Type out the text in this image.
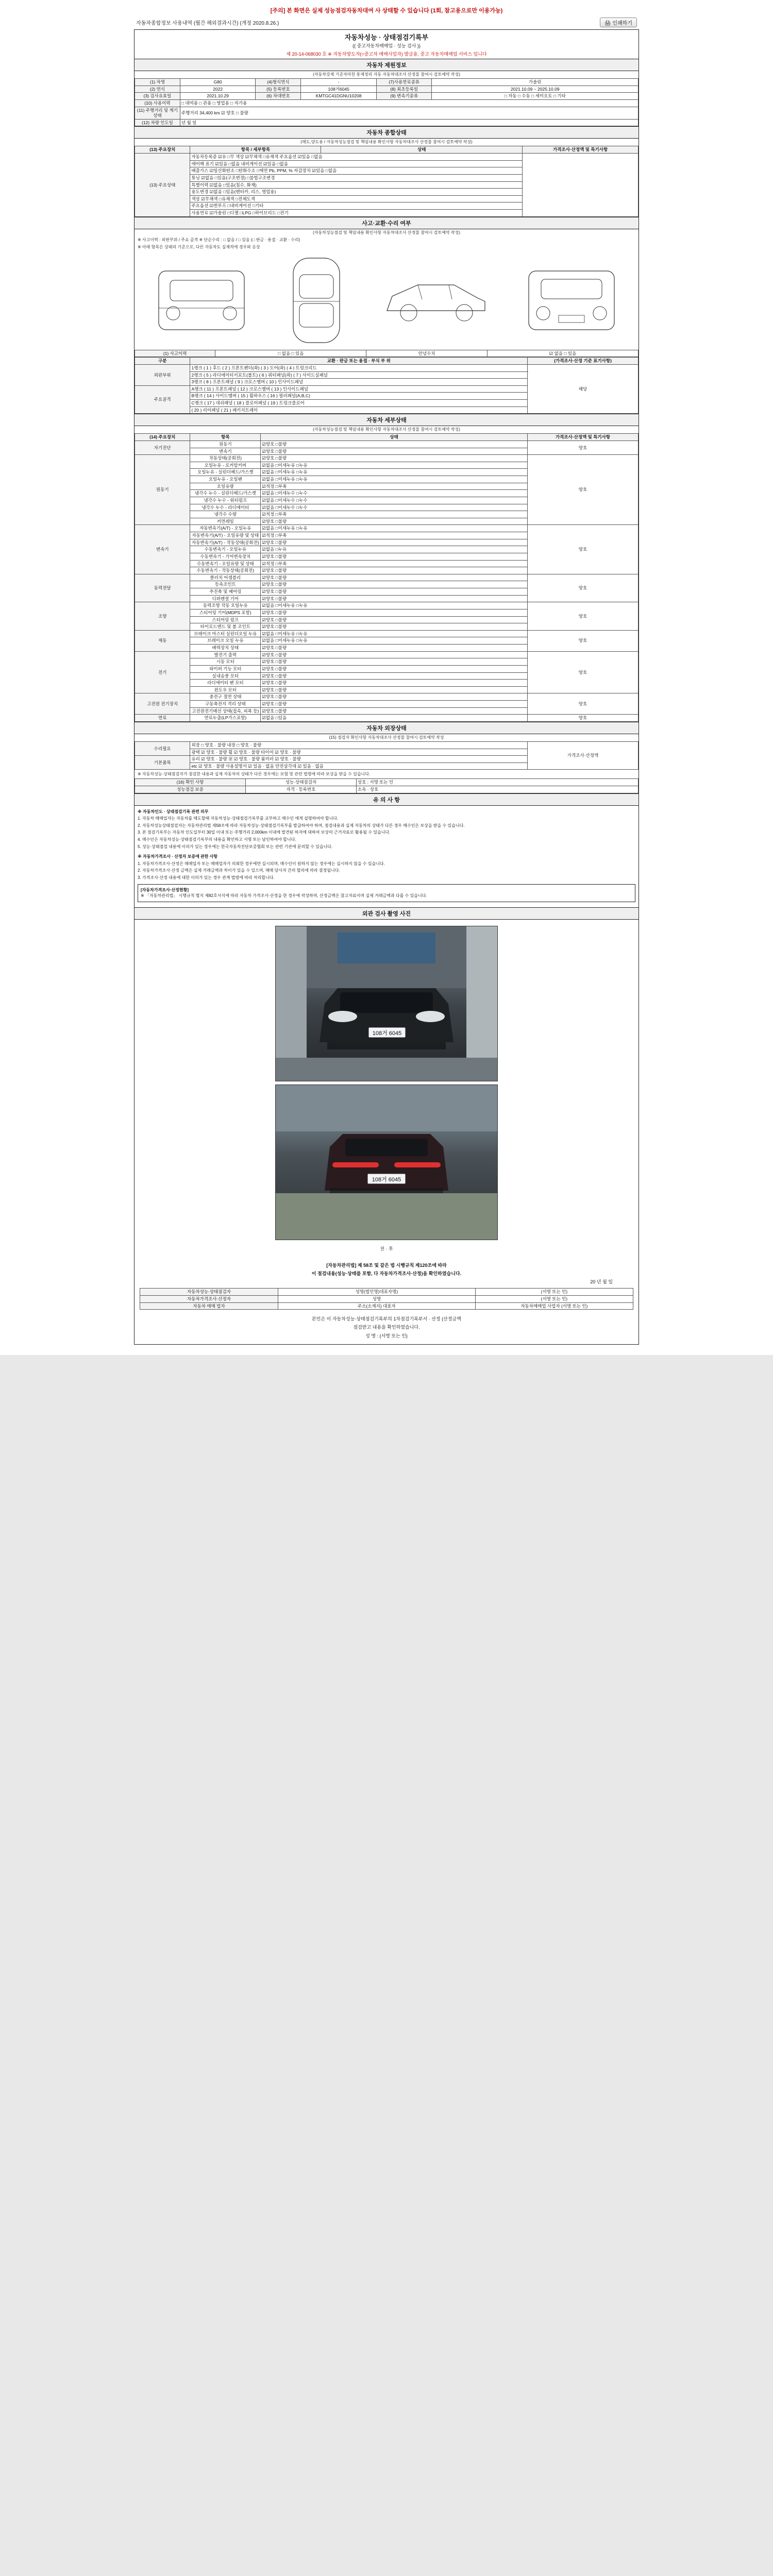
[주의] 본 화면은 실제 성능점검자동차대여 사 상태할 수 있습니다 (1회, 참고용으로만 이용가능)
자동차종합정보 사용내역 (월간 해외결과시간) (개정 2020.8.26.)	🖨 인쇄하기
자동차성능 · 상태점검기록부
(( 중고자동차매매업 · 성능 검사 ))
제 20-14-068030 호 ※ 자동차양도자(=중고차 매매사업자) 발급용, 중고 자동차매매업 서비스 입니다
자동차 제원정보
(자동차강제 기준자마찬 통제정리 자동 자동차대조사 산정물 참여시 검토예약 작성)
(1) 차명	G80	(4)형식연식	-	(7)사용연료종류	가솔린
(2) 연식	2022	(5) 등록번호	108거6045	(8) 최초등록일	2021.10.09 ~ 2025.10.09
(3) 검사유효일	2021.10.29	(6) 차대번호	KMTGC41DGNU10208	(9) 변속기종류	□ 자동 □ 수동 □ 세미오토 □ 기타
(10) 사용이력	□ 대여용 □ 관용 □ 영업용 □ 자가용				
(11) 주행거리 및 계기상태	주행거리 34,400 km ☑ 양호 □ 불량				
(12) 차량 인도일	년 월 일				
자동차 종합상태
(매도,양도용 / 자동차성능점검 및 책임내용 확인사항 자동차대조사 산정물 참여시 검토예약 작성)
(13) 주요장치	항목 / 세부항목	상태	가격조사·산정액 및 특기사항
(13) 주요상태	자동차등록증 ☑유 □무 색상 ☑무채색 □유채색 주요옵션 ☑있음 □없음		
	에어백 표기 ☑있음 □없음 내비게이션 ☑있음 □없음		
	배출가스 ☑일산화탄소 □탄화수소 □매연 Pb, PPM, % 저감장치 ☑있음 □없음		
	튜닝 ☑없음 □있음(구조변경) □불법구조변경		
	특별이력 ☑없음 □있음(침수, 화재)		
	용도변경 ☑없음 □있음(렌터카, 리스, 영업용)		
	색상 ☑무채색 □유채색 □전체도색		
	주요옵션 ☑썬루프 □내비게이션 □기타		
	사용연료 ☑가솔린 □디젤 □LPG □하이브리드 □전기		
사고·교환·수리 여부
(자동차성능점검 및 책임내용 확인사항 자동차대조사 산정물 참여시 검토예약 작성)
※ 사고이력 : 외판부위 / 주요 골격 ※ 단순수리 : □ 없음 / □ 있음 (□ 판금 · 용접 · 교환 · 수리)
※ 아래 항목은 상태의 기준으로, 다른 자동차도 실제적에 경우와 응상
(1) 사고이력	□ 없음 □ 있음	안녕수치	☑ 없음 □ 있음
구분	교환 · 판금 또는 용접 · 부식 부 위	(가격조사·산정 기준 표기사항)
외판부위	1랭크 ( 1 ) 후드 ( 2 ) 프론트펜더(좌) ( 3 ) 도어(좌) ( 4 ) 트렁크리드	해당
	2랭크 ( 5 ) 라디에이터서포트(볼트) ( 6 ) 쿼터패널(좌) ( 7 ) 사이드실패널	
	3랭크 ( 8 ) 프론트패널 ( 9 ) 크로스멤버 ( 10 ) 인사이드패널	
주요골격	A랭크 ( 11 ) 프론트패널 ( 12 ) 크로스멤버 ( 13 ) 인사이드패널	
	B랭크 ( 14 ) 사이드멤버 ( 15 ) 휠하우스 ( 16 ) 필러패널(A,B,C)	
	C랭크 ( 17 ) 대쉬패널 ( 18 ) 플로어패널 ( 19 ) 트렁크플로어	
	( 20 ) 리어패널 ( 21 ) 패키지트레이	
자동차 세부상태
(자동차성능점검 및 책임내용 확인사항 자동차대조사 산정물 참여시 검토예약 작성)
(14) 주요장치	항목	상태	가격조사·산정액 및 특기사항
자기진단	원동기	☑양호 □불량	양호
	변속기	☑양호 □불량	
원동기	작동상태(공회전)	☑양호 □불량	양호
	오일누유 - 로커암커버	☑없음 □미세누유 □누유	
	오일누유 - 실린더헤드/가스켓	☑없음 □미세누유 □누유	
	오일누유 - 오일팬	☑없음 □미세누유 □누유	
	오일유량	☑적정 □부족	
	냉각수 누수 - 실린더헤드/가스켓	☑없음 □미세누수 □누수	
	냉각수 누수 - 워터펌프	☑없음 □미세누수 □누수	
	냉각수 누수 - 라디에이터	☑없음 □미세누수 □누수	
	냉각수 수량	☑적정 □부족	
	커먼레일	☑양호 □불량	
변속기	자동변속기(A/T) - 오일누유	☑없음 □미세누유 □누유	양호
	자동변속기(A/T) - 오일유량 및 상태	☑적정 □부족	
	자동변속기(A/T) - 작동상태(공회전)	☑양호 □불량	
	수동변속기 - 오일누유	☑없음 □누유	
	수동변속기 - 기어변속장치	☑양호 □불량	
	수동변속기 - 오일유량 및 상태	☑적정 □부족	
	수동변속기 - 작동상태(공회전)	☑양호 □불량	
동력전달	클러치 어셈블리	☑양호 □불량	양호
	등속조인트	☑양호 □불량	
	추진축 및 베어링	☑양호 □불량	
	디퍼렌셜 기어	☑양호 □불량	
조향	동력조향 작동 오일누유	☑없음 □미세누유 □누유	양호
	스티어링 기어(MDPS 포함)	☑양호 □불량	
	스티어링 펌프	☑양호 □불량	
	타이로드엔드 및 볼 조인트	☑양호 □불량	
제동	브레이크 마스터 실린더오일 누유	☑없음 □미세누유 □누유	양호
	브레이크 오일 누유	☑없음 □미세누유 □누유	
	배력장치 상태	☑양호 □불량	
전기	발전기 출력	☑양호 □불량	양호
	시동 모터	☑양호 □불량	
	와이퍼 기능 모터	☑양호 □불량	
	실내송풍 모터	☑양호 □불량	
	라디에이터 팬 모터	☑양호 □불량	
	윈도우 모터	☑양호 □불량	
고전원 전기장치	충전구 절연 상태	☑양호 □불량	양호
	구동축전지 격리 상태	☑양호 □불량	
	고전원전기배선 상태(접속, 피복 등)	☑양호 □불량	
연료	연료누출(LP가스포함)	☑없음 □있음	양호
자동차 외장상태
(15) 점검자 확인사항 자동차대조사 산정물 참여시 검토예약 작성
수리필요	외장 □ 양호 · 불량 내장 □ 양호 · 불량	가격조사·산정액
	광택 ☑ 양호 · 불량 휠 ☑ 양호 · 불량 타이어 ☑ 양호 · 불량	
기본품목	유리 ☑ 양호 · 불량 室 ☑ 양호 · 불량 룸미러 ☑ 양호 · 불량	
	etc ☑ 양호 · 불량 사용설명서 ☑ 있음 · 없음 안전삼각대 ☑ 있음 · 없음	
※ 자동차성능·상태점검자가 점검한 내용과 실제 자동차의 상태가 다른 경우에는 보험 및 관련 법령에 따라 보상을 받을 수 있습니다.
(16) 확인 사항	성능·상태점검자	상호 : 서명 또는 인
성능점검 보증	자격 · 등록번호	소속 · 상호
유 의 사 항

※ 자동차인도 · 상태점검기록 관련 의무

1. 자동차 매매업자는 자동차를 매도할때 자동차성능·상태점검기록부를 교부하고 매수인 에게 설명하여야 합니다.

2. 자동차성능상태점검자는 자동차관리법 제58조에 따라 자동차성능·상태점검기록부를 발급하여야 하며, 점검내용과 실제 자동차의 상태가 다른 경우 매수인은 보상을 받을 수 있습니다.

3. 본 점검기록부는 자동차 인도일부터 30일 이내 또는 주행거리 2,000km 이내에 발견된 하자에 대하여 보상의 근거자료로 활용될 수 있습니다.

4. 매수인은 자동차성능·상태점검기록부의 내용을 확인하고 서명 또는 날인하여야 합니다.

5. 성능·상태점검 내용에 이의가 있는 경우에는 한국자동차진단보증협회 또는 관련 기관에 문의할 수 있습니다.

※ 자동차가격조사 · 산정자 보증에 관한 사항

1. 자동차가격조사·산정은 매매업자 또는 매매업자가 의뢰한 경우에만 실시되며, 매수인이 원하지 않는 경우에는 실시하지 않을 수 있습니다.

2. 자동차가격조사·산정 금액은 실제 거래금액과 차이가 있을 수 있으며, 매매 당사자 간의 합의에 따라 결정됩니다.

3. 가격조사·산정 내용에 대한 이의가 있는 경우 관계 법령에 따라 처리합니다.

[자동차가격조사·산정현황]
※ 「자동차관리법」 시행규칙 별지 제82호서식에 따라 자동차 가격조사·산정을 한 경우에 작성하며, 산정금액은 참고자료이며 실제 거래금액과 다를 수 있습니다.
외관 검사 촬영 사진
108거 6045
108거 6045
전 · 후
[자동차관리법] 제 58조 및 같은 법 시행규칙 제120조에 따라
이 점검내용(성능·상태를 포함, 다 자동차가격조사·산정)을 확인하였습니다.
20 년 월 일
자동차성능·상태점검자	성명(법인명)대표자명)	(서명 또는 인)
자동차가격조사·산정자	성명	(서명 또는 인)
자동차 매매 업자	주소(소재지) 대표자	자동차매매업 사업자 (서명 또는 인)
본인은 이 자동차성능·상태점검기록부의 1차점검기록부서 · 산정 (산정금액
점검받고 내용을 확인하였습니다.
성 명 : (서명 또는 인)
